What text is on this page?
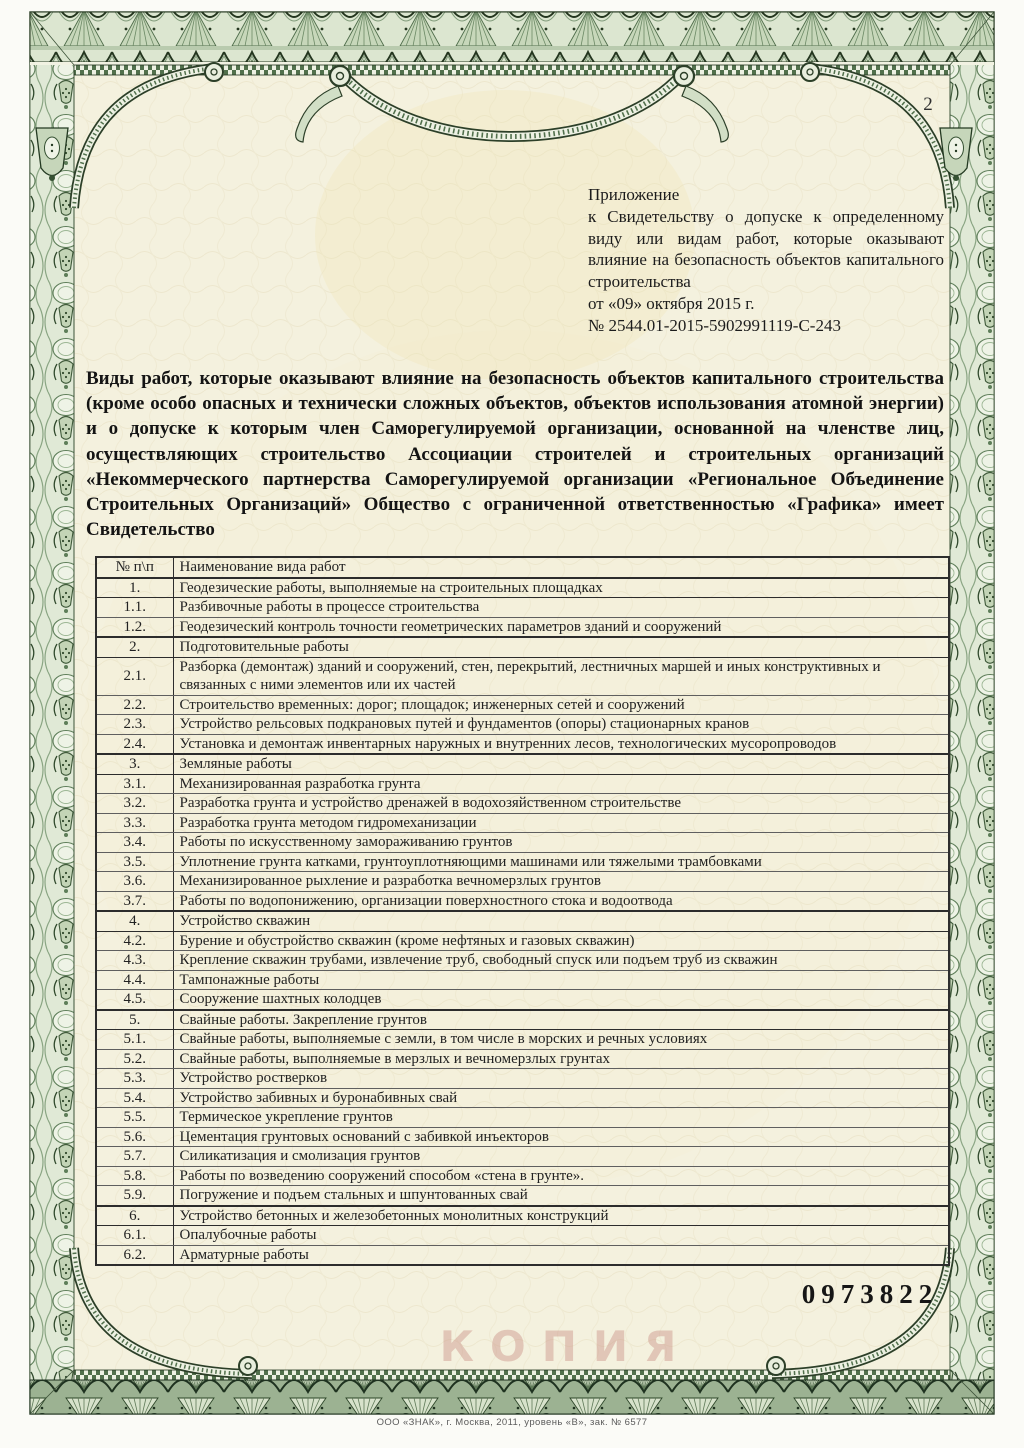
2
Приложение
к Свидетельству о допуске к определенному виду или видам работ, которые оказывают влияние на безопасность объектов капитального строительства
от «09» октября 2015 г.
№ 2544.01-2015-5902991119-С-243
Виды работ, которые оказывают влияние на безопасность объектов капитального строительства (кроме особо опасных и технически сложных объектов, объектов использования атомной энергии) и о допуске к которым член Саморегулируемой организации, основанной на членстве лиц, осуществляющих строительство Ассоциации строителей и строительных организаций «Некоммерческого партнерства Саморегулируемой организации «Региональное Объединение Строительных Организаций» Общество с ограниченной ответственностью «Графика» имеет Свидетельство
№ п\п	Наименование вида работ
1.	Геодезические работы, выполняемые на строительных площадках
1.1.	Разбивочные работы в процессе строительства
1.2.	Геодезический контроль точности геометрических параметров зданий и сооружений
2.	Подготовительные работы
2.1.	Разборка (демонтаж) зданий и сооружений, стен, перекрытий, лестничных маршей и иных конструктивных и связанных с ними элементов или их частей
2.2.	Строительство временных: дорог; площадок; инженерных сетей и сооружений
2.3.	Устройство рельсовых подкрановых путей и фундаментов (опоры) стационарных кранов
2.4.	Установка и демонтаж инвентарных наружных и внутренних лесов, технологических мусоропроводов
3.	Земляные работы
3.1.	Механизированная разработка грунта
3.2.	Разработка грунта и устройство дренажей в водохозяйственном строительстве
3.3.	Разработка грунта методом гидромеханизации
3.4.	Работы по искусственному замораживанию грунтов
3.5.	Уплотнение грунта катками, грунтоуплотняющими машинами или тяжелыми трамбовками
3.6.	Механизированное рыхление и разработка вечномерзлых грунтов
3.7.	Работы по водопонижению, организации поверхностного стока и водоотвода
4.	Устройство скважин
4.2.	Бурение и обустройство скважин (кроме нефтяных и газовых скважин)
4.3.	Крепление скважин трубами, извлечение труб, свободный спуск или подъем труб из скважин
4.4.	Тампонажные работы
4.5.	Сооружение шахтных колодцев
5.	Свайные работы. Закрепление грунтов
5.1.	Свайные работы, выполняемые с земли, в том числе в морских и речных условиях
5.2.	Свайные работы, выполняемые в мерзлых и вечномерзлых грунтах
5.3.	Устройство ростверков
5.4.	Устройство забивных и буронабивных свай
5.5.	Термическое укрепление грунтов
5.6.	Цементация грунтовых оснований с забивкой инъекторов
5.7.	Силикатизация и смолизация грунтов
5.8.	Работы по возведению сооружений способом «стена в грунте».
5.9.	Погружение и подъем стальных и шпунтованных свай
6.	Устройство бетонных и железобетонных монолитных конструкций
6.1.	Опалубочные работы
6.2.	Арматурные работы
0973822
КОПИЯ
ООО «ЗНАК», г. Москва, 2011, уровень «В», зак. № 6577
